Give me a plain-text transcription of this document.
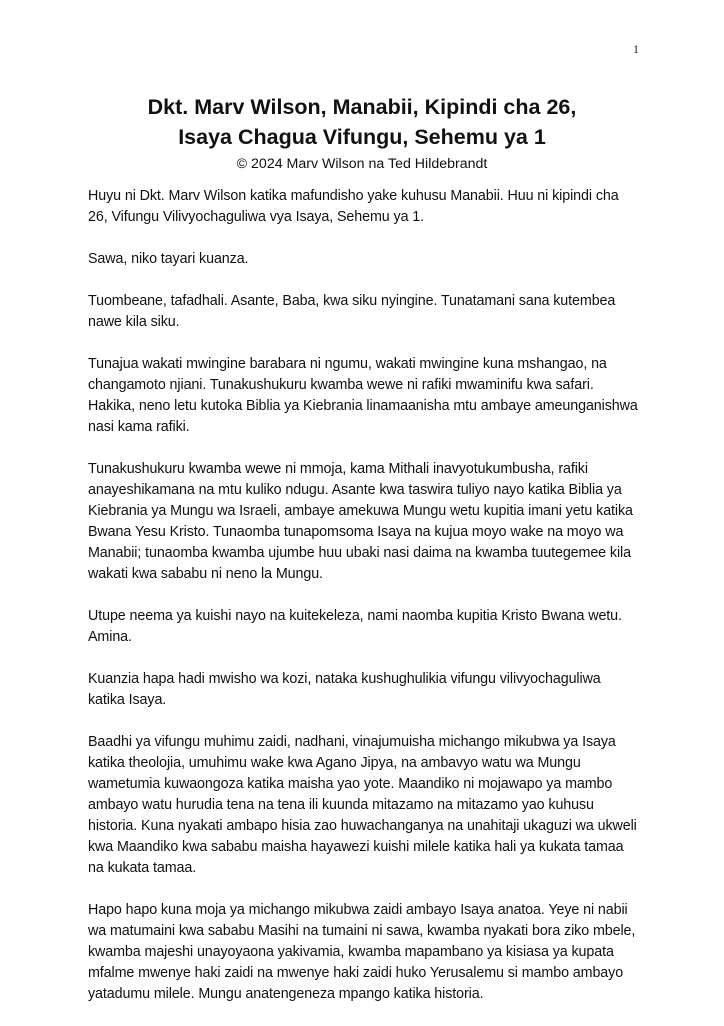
1
Dkt. Marv Wilson, Manabii, Kipindi cha 26,
Isaya Chagua Vifungu, Sehemu ya 1
© 2024 Marv Wilson na Ted Hildebrandt

Huyu ni Dkt. Marv Wilson katika mafundisho yake kuhusu Manabii. Huu ni kipindi cha 26, Vifungu Vilivyochaguliwa vya Isaya, Sehemu ya 1.

Sawa, niko tayari kuanza.

Tuombeane, tafadhali. Asante, Baba, kwa siku nyingine. Tunatamani sana kutembea nawe kila siku.

Tunajua wakati mwingine barabara ni ngumu, wakati mwingine kuna mshangao, na changamoto njiani. Tunakushukuru kwamba wewe ni rafiki mwaminifu kwa safari. Hakika, neno letu kutoka Biblia ya Kiebrania linamaanisha mtu ambaye ameunganishwa nasi kama rafiki.

Tunakushukuru kwamba wewe ni mmoja, kama Mithali inavyotukumbusha, rafiki anayeshikamana na mtu kuliko ndugu. Asante kwa taswira tuliyo nayo katika Biblia ya Kiebrania ya Mungu wa Israeli, ambaye amekuwa Mungu wetu kupitia imani yetu katika Bwana Yesu Kristo. Tunaomba tunapomsoma Isaya na kujua moyo wake na moyo wa Manabii; tunaomba kwamba ujumbe huu ubaki nasi daima na kwamba tuutegemee kila wakati kwa sababu ni neno la Mungu.

Utupe neema ya kuishi nayo na kuitekeleza, nami naomba kupitia Kristo Bwana wetu. Amina.

Kuanzia hapa hadi mwisho wa kozi, nataka kushughulikia vifungu vilivyochaguliwa katika Isaya.

Baadhi ya vifungu muhimu zaidi, nadhani, vinajumuisha michango mikubwa ya Isaya katika theolojia, umuhimu wake kwa Agano Jipya, na ambavyo watu wa Mungu wametumia kuwaongoza katika maisha yao yote. Maandiko ni mojawapo ya mambo ambayo watu hurudia tena na tena ili kuunda mitazamo na mitazamo yao kuhusu historia. Kuna nyakati ambapo hisia zao huwachanganya na unahitaji ukaguzi wa ukweli kwa Maandiko kwa sababu maisha hayawezi kuishi milele katika hali ya kukata tamaa na kukata tamaa.

Hapo hapo kuna moja ya michango mikubwa zaidi ambayo Isaya anatoa. Yeye ni nabii wa matumaini kwa sababu Masihi na tumaini ni sawa, kwamba nyakati bora ziko mbele, kwamba majeshi unayoyaona yakivamia, kwamba mapambano ya kisiasa ya kupata mfalme mwenye haki zaidi na mwenye haki zaidi huko Yerusalemu si mambo ambayo yatadumu milele. Mungu anatengeneza mpango katika historia.
